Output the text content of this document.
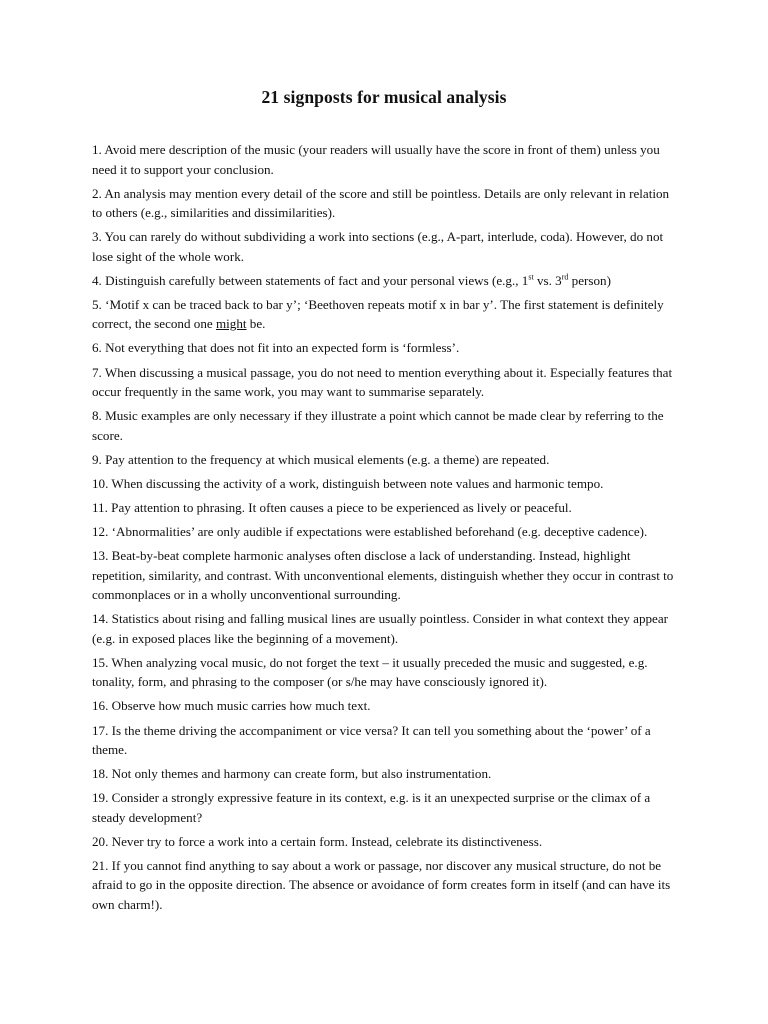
21 signposts for musical analysis
1. Avoid mere description of the music (your readers will usually have the score in front of them) unless you need it to support your conclusion.
2. An analysis may mention every detail of the score and still be pointless. Details are only relevant in relation to others (e.g., similarities and dissimilarities).
3. You can rarely do without subdividing a work into sections (e.g., A-part, interlude, coda). However, do not lose sight of the whole work.
4. Distinguish carefully between statements of fact and your personal views (e.g., 1st vs. 3rd person)
5. ‘Motif x can be traced back to bar y’; ‘Beethoven repeats motif x in bar y’. The first statement is definitely correct, the second one might be.
6. Not everything that does not fit into an expected form is ‘formless’.
7. When discussing a musical passage, you do not need to mention everything about it. Especially features that occur frequently in the same work, you may want to summarise separately.
8. Music examples are only necessary if they illustrate a point which cannot be made clear by referring to the score.
9. Pay attention to the frequency at which musical elements (e.g. a theme) are repeated.
10. When discussing the activity of a work, distinguish between note values and harmonic tempo.
11. Pay attention to phrasing. It often causes a piece to be experienced as lively or peaceful.
12. ‘Abnormalities’ are only audible if expectations were established beforehand (e.g. deceptive cadence).
13. Beat-by-beat complete harmonic analyses often disclose a lack of understanding. Instead, highlight repetition, similarity, and contrast. With unconventional elements, distinguish whether they occur in contrast to commonplaces or in a wholly unconventional surrounding.
14. Statistics about rising and falling musical lines are usually pointless. Consider in what context they appear (e.g. in exposed places like the beginning of a movement).
15. When analyzing vocal music, do not forget the text – it usually preceded the music and suggested, e.g. tonality, form, and phrasing to the composer (or s/he may have consciously ignored it).
16. Observe how much music carries how much text.
17. Is the theme driving the accompaniment or vice versa? It can tell you something about the ‘power’ of a theme.
18. Not only themes and harmony can create form, but also instrumentation.
19. Consider a strongly expressive feature in its context, e.g. is it an unexpected surprise or the climax of a steady development?
20. Never try to force a work into a certain form. Instead, celebrate its distinctiveness.
21. If you cannot find anything to say about a work or passage, nor discover any musical structure, do not be afraid to go in the opposite direction. The absence or avoidance of form creates form in itself (and can have its own charm!).
